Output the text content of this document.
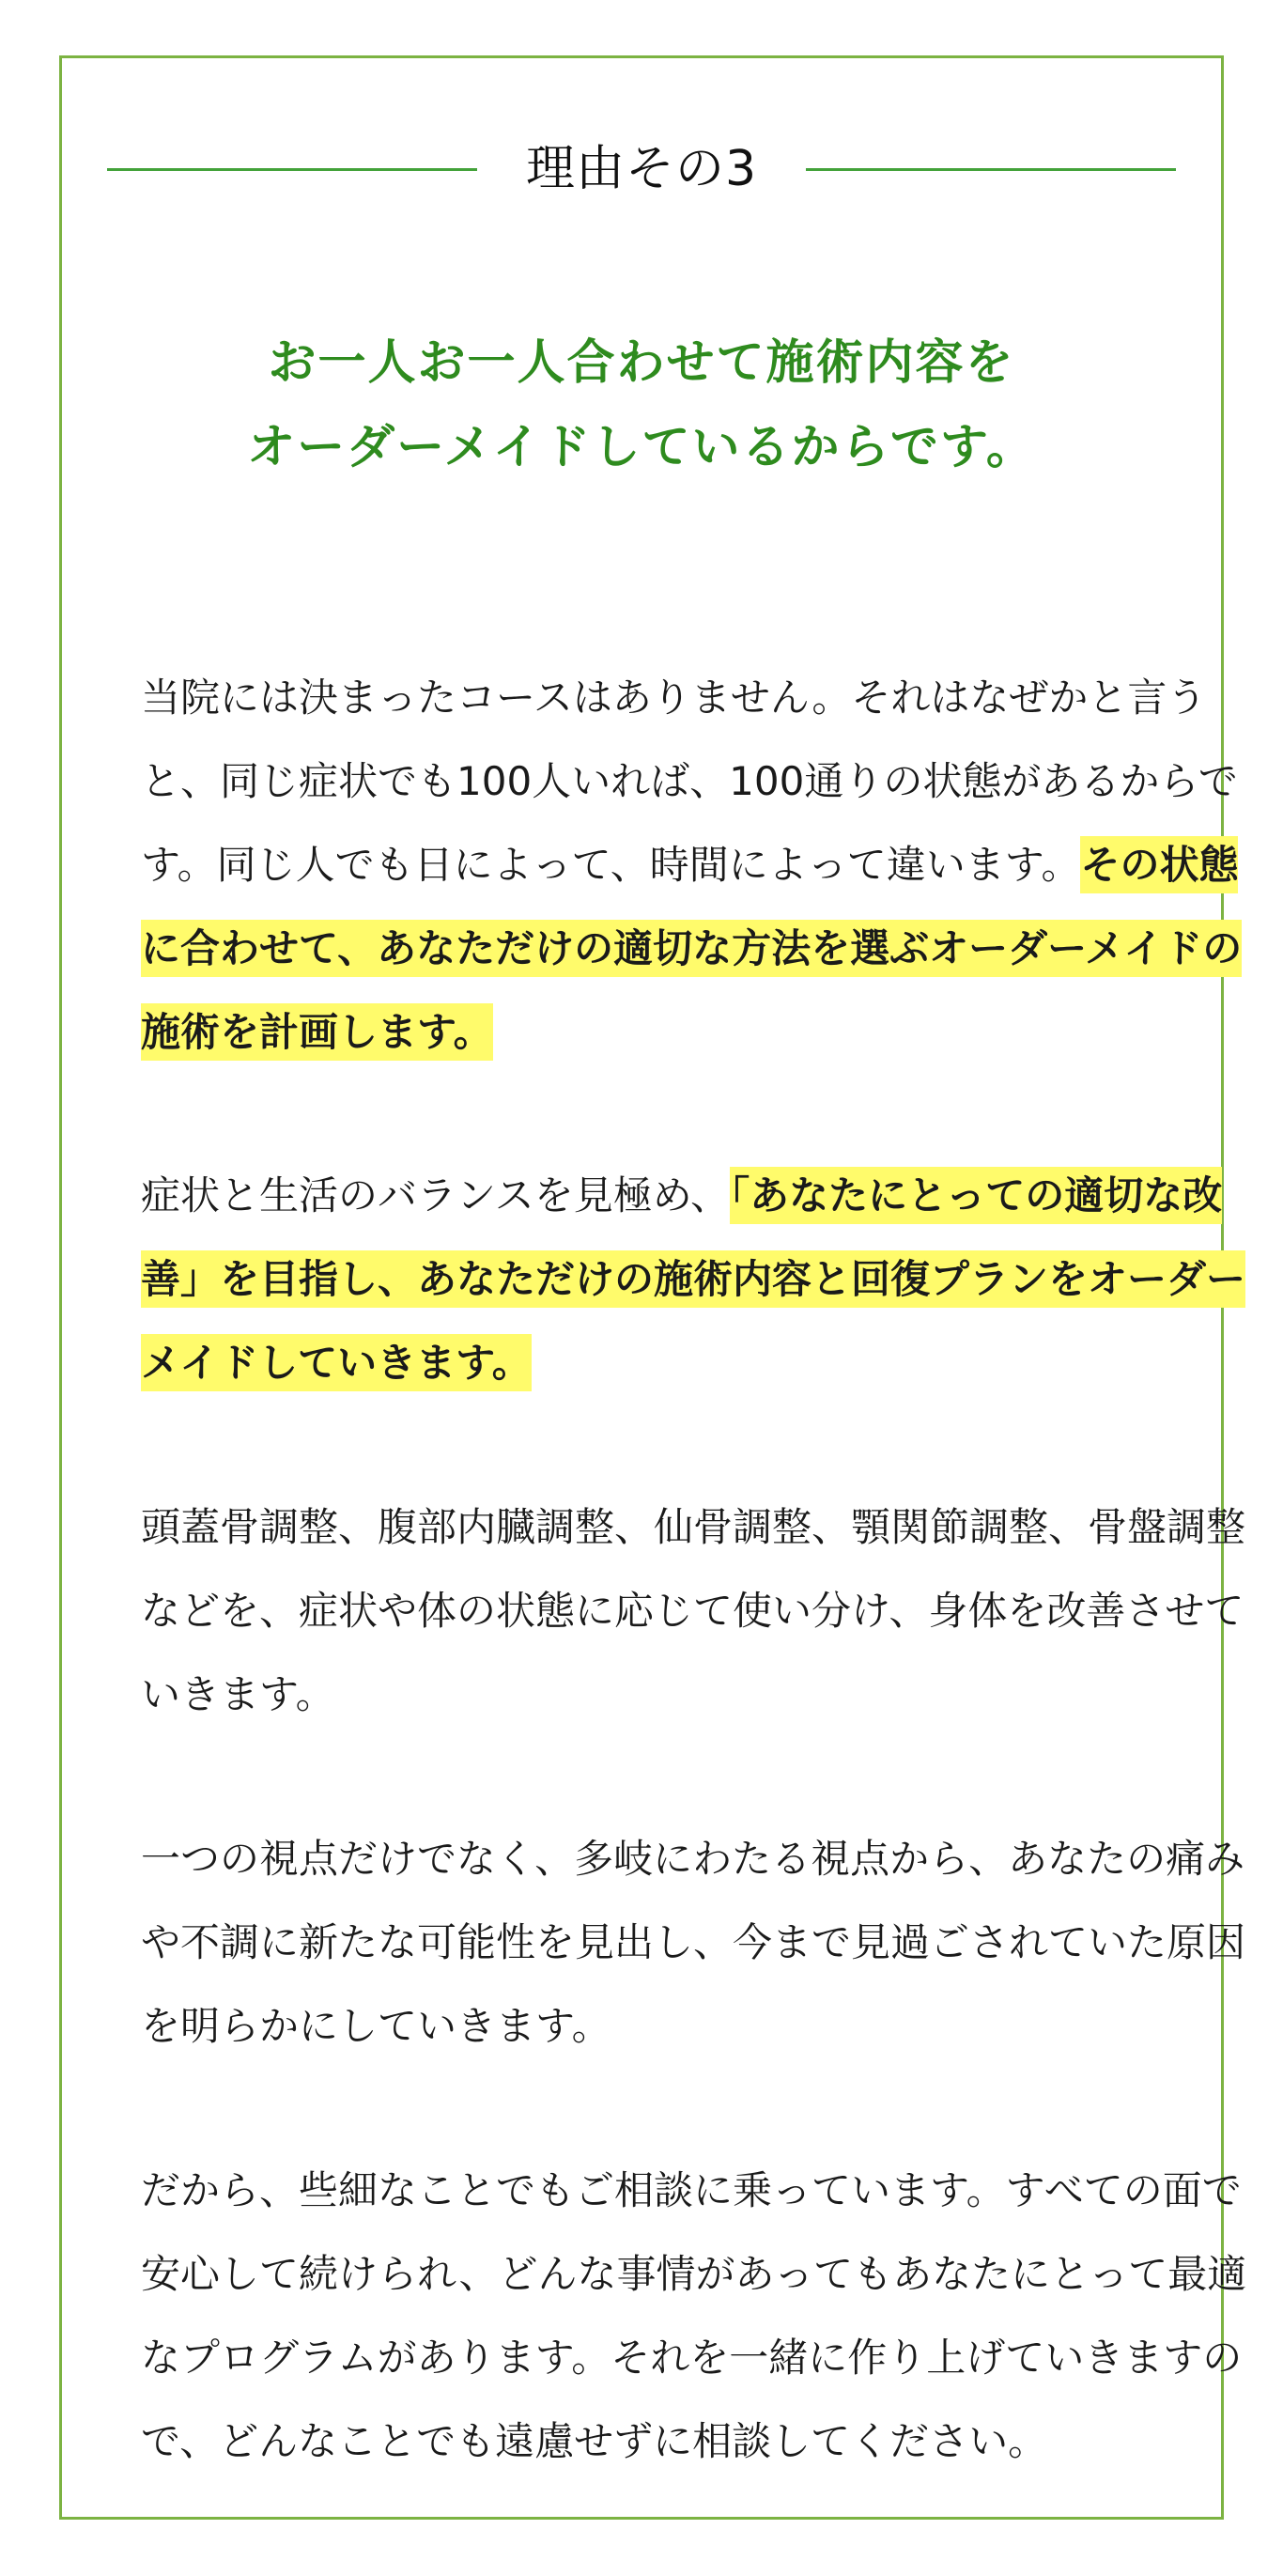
理由その3
お一人お一人合わせて施術内容を
オーダーメイドしているからです。
当院には決まったコースはありません。それはなぜかと言うと、同じ症状でも100人いれば、100通りの状態があるからです。同じ人でも日によって、時間によって違います。その状態に合わせて、あなただけの適切な方法を選ぶオーダーメイドの施術を計画します。
症状と生活のバランスを見極め、「あなたにとっての適切な改善」を目指し、あなただけの施術内容と回復プランをオーダーメイドしていきます。
頭蓋骨調整、腹部内臓調整、仙骨調整、顎関節調整、骨盤調整などを、症状や体の状態に応じて使い分け、身体を改善させていきます。
一つの視点だけでなく、多岐にわたる視点から、あなたの痛みや不調に新たな可能性を見出し、今まで見過ごされていた原因を明らかにしていきます。
だから、些細なことでもご相談に乗っています。すべての面で安心して続けられ、どんな事情があってもあなたにとって最適なプログラムがあります。それを一緒に作り上げていきますので、どんなことでも遠慮せずに相談してください。
